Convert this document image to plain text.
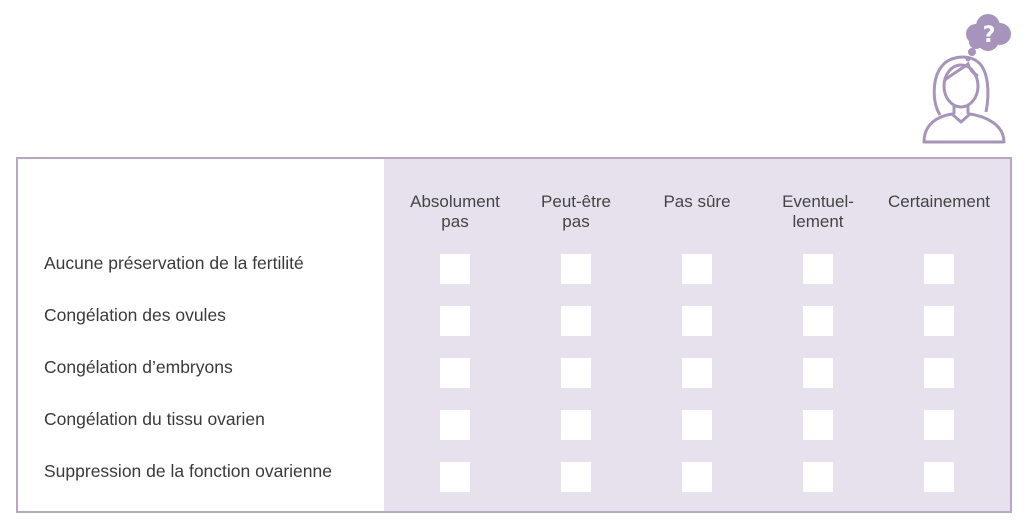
?
Absolument
pas
Peut-être
pas
Pas sûre	Eventuel-
lement
Certainement
Aucune préservation de la fertilité
Congélation des ovules
Congélation d’embryons
Congélation du tissu ovarien
Suppression de la fonction ovarienne
